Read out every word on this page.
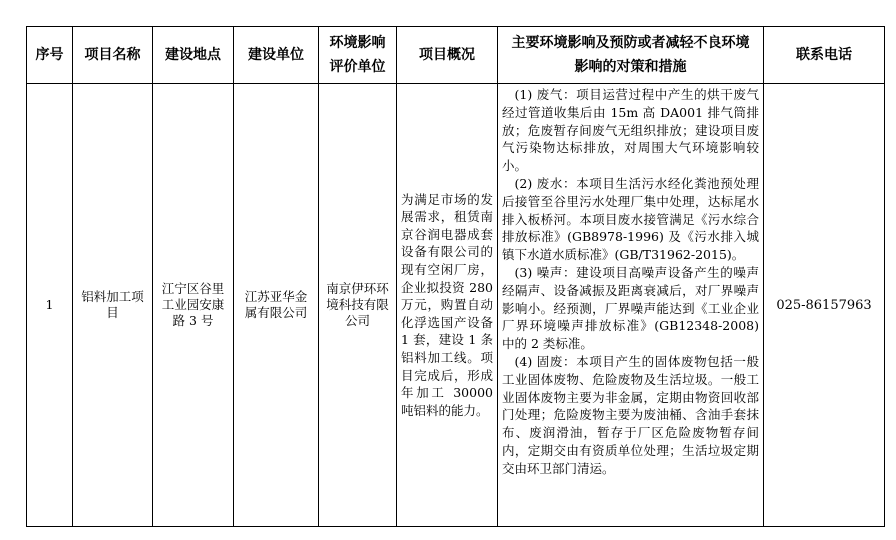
序号	项目名称	建设地点	建设单位	环境影响评价单位	项目概况	主要环境影响及预防或者减轻不良环境影响的对策和措施	联系电话
1	铝料加工项目	江宁区谷里工业园安康路 3 号	江苏亚华金属有限公司	南京伊环环境科技有限公司	为满足市场的发展需求，租赁南京谷润电器成套设备有限公司的现有空闲厂房，企业拟投资 280 万元，购置自动化浮选国产设备 1 套，建设 1 条铝料加工线。项目完成后，形成年加工 30000 吨铝料的能力。	(1) 废气：项目运营过程中产生的烘干废气经过管道收集后由 15m 高 DA001 排气筒排放；危废暂存间废气无组织排放；建设项目废气污染物达标排放，对周围大气环境影响较小。

(2) 废水：本项目生活污水经化粪池预处理后接管至谷里污水处理厂集中处理，达标尾水排入板桥河。本项目废水接管满足《污水综合排放标准》(GB8978-1996) 及《污水排入城镇下水道水质标准》(GB/T31962-2015)。

(3) 噪声：建设项目高噪声设备产生的噪声经隔声、设备减振及距离衰减后，对厂界噪声影响小。经预测，厂界噪声能达到《工业企业厂界环境噪声排放标准》(GB12348-2008) 中的 2 类标准。

(4) 固废：本项目产生的固体废物包括一般工业固体废物、危险废物及生活垃圾。一般工业固体废物主要为非金属，定期由物资回收部门处理；危险废物主要为废油桶、含油手套抹布、废润滑油，暂存于厂区危险废物暂存间内，定期交由有资质单位处理；生活垃圾定期交由环卫部门清运。	025-86157963
